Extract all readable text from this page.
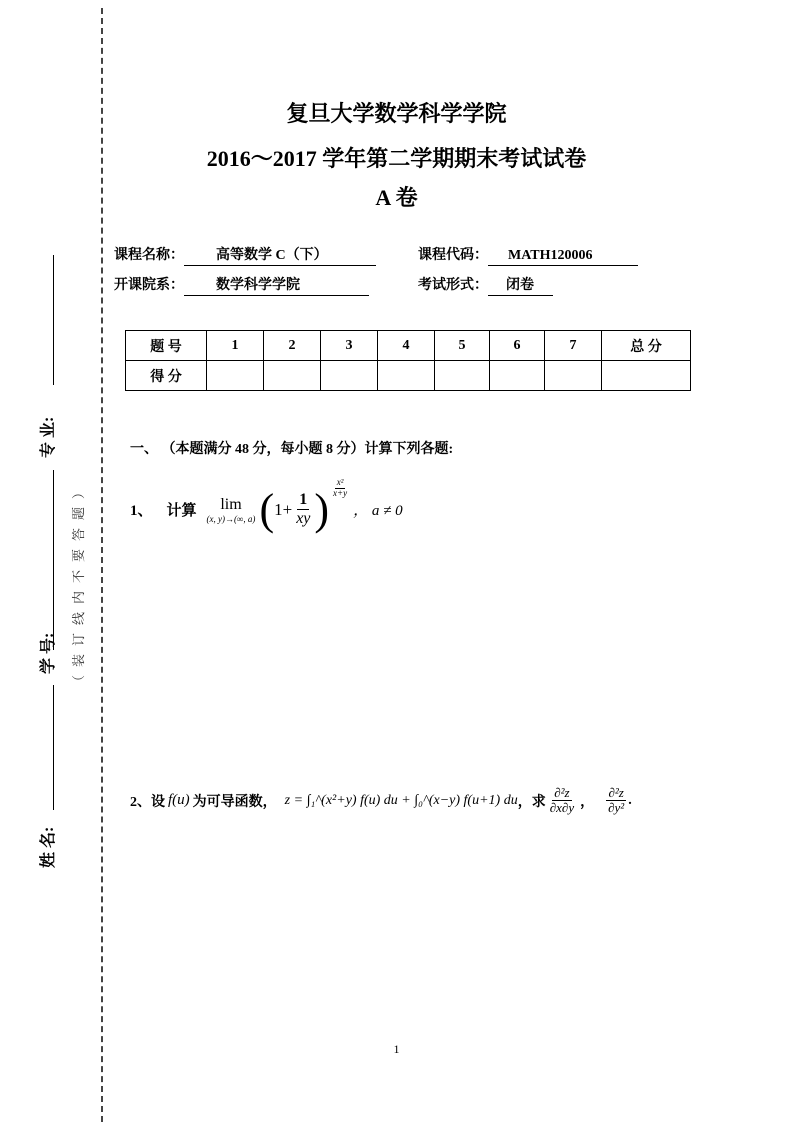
专 业:
学 号:
姓 名:
（装订线内不要答题）
复旦大学数学科学学院
2016～2017 学年第二学期期末考试试卷
A 卷
课程名称： 高等数学 C（下）	课程代码： MATH120006
开课院系： 数学科学学院	考试形式： 闭卷
题 号	1	2	3	4	5	6	7	总 分
得 分								
一、 （本题满分 48 分，每小题 8 分）计算下列各题:
1、 计算 lim
(x, y)→(∞, a) ( $1+ \frac{1}{xy}$ ) $\frac{\text{x²}}{x+y}$
， a ≠ 0
2、 设 f(u) 为可导函数， z = ∫₁^(x²+y) f(u) du + ∫₀^(x−y) f(u+1) du ，求 $\frac{\text{∂²z}}{\partial x\partial y}$ ， $\frac{\text{∂²z}}{\text{∂y²}}$ .
1
